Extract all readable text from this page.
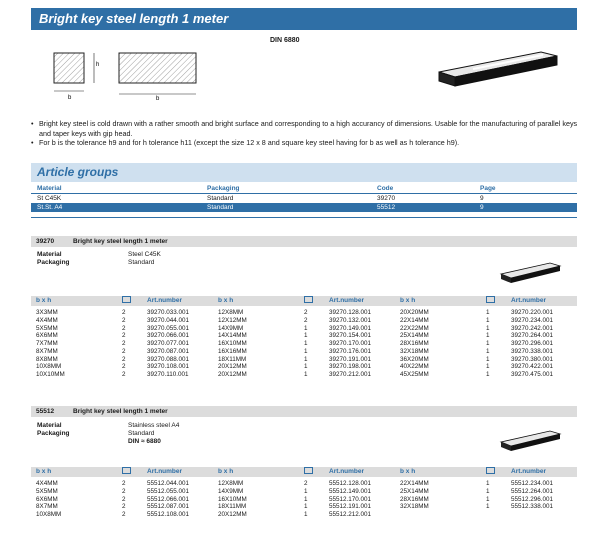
Bright key steel length 1 meter
DIN 6880
b
h
b
• Bright key steel is cold drawn with a rather smooth and bright surface and corresponding to a high accurancy of dimensions. Usable for the manufacturing of parallel keys and taper keys with gip head.
• For b is the tolerance h9 and for h tolerance h11 (except the size 12 x 8 and square key steel having for b as well as h tolerance h9).
Article groups
Material	Packaging	Code	Page
St C45K	Standard	39270	9
St.St. A4	Standard	55512	9
39270	Bright key steel length 1 meter
Material	Steel C45K
Packaging	Standard
b x h	Art.number	b x h	Art.number	b x h	Art.number
3X3MM	2	39270.033.001	12X8MM	2	39270.128.001	20X20MM	1	39270.220.001
4X4MM	2	39270.044.001	12X12MM	2	39270.132.001	22X14MM	1	39270.234.001
5X5MM	2	39270.055.001	14X9MM	1	39270.149.001	22X22MM	1	39270.242.001
6X6MM	2	39270.066.001	14X14MM	1	39270.154.001	25X14MM	1	39270.264.001
7X7MM	2	39270.077.001	16X10MM	1	39270.170.001	28X16MM	1	39270.296.001
8X7MM	2	39270.087.001	16X16MM	1	39270.176.001	32X18MM	1	39270.338.001
8X8MM	2	39270.088.001	18X11MM	1	39270.191.001	36X20MM	1	39270.380.001
10X8MM	2	39270.108.001	20X12MM	1	39270.198.001	40X22MM	1	39270.422.001
10X10MM	2	39270.110.001	20X12MM	1	39270.212.001	45X25MM	1	39270.475.001
55512	Bright key steel length 1 meter
Material	Stainless steel A4
Packaging	Standard
DIN ≈ 6880
b x h	Art.number	b x h	Art.number	b x h	Art.number
4X4MM	2	55512.044.001	12X8MM	2	55512.128.001	22X14MM	1	55512.234.001
5X5MM	2	55512.055.001	14X9MM	1	55512.149.001	25X14MM	1	55512.264.001
6X6MM	2	55512.066.001	16X10MM	1	55512.170.001	28X16MM	1	55512.296.001
8X7MM	2	55512.087.001	18X11MM	1	55512.191.001	32X18MM	1	55512.338.001
10X8MM	2	55512.108.001	20X12MM	1	55512.212.001
